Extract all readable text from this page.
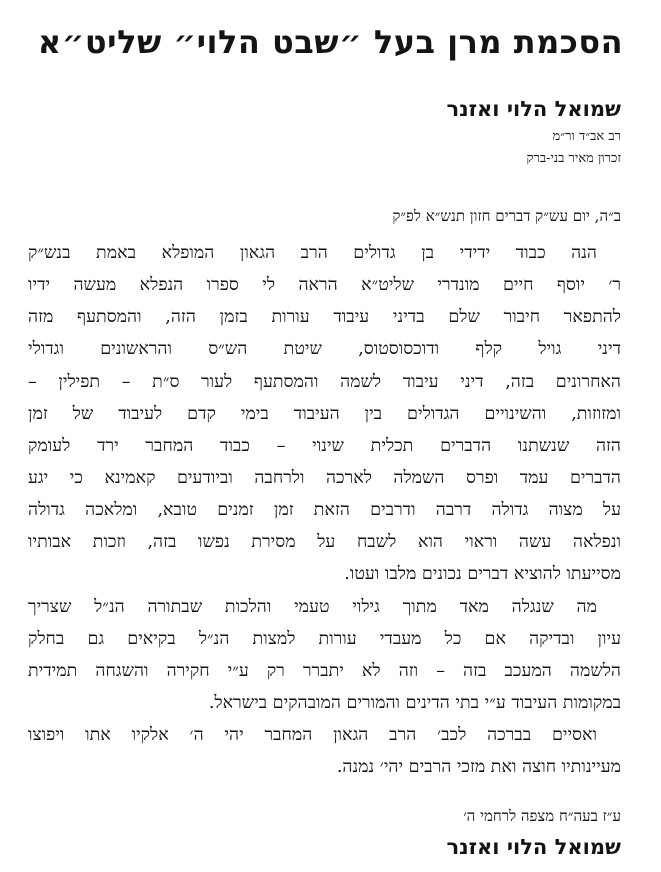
הסכמת מרן בעל ״שבט הלוי״ שליט״א
שמואל הלוי ואזנר
רב אב״ד ור״מ
זכרון מאיר בני-ברק
ב״ה, יום עש״ק דברים חזון תנש״א לפ״ק
הנה כבוד ידידי בן גדולים הרב הגאון המופלא באמת בנש״ק
ר׳ יוסף חיים מונדרי שליט״א הראה לי ספרו הנפלא מעשה ידיו
להתפאר חיבור שלם בדיני עיבוד עורות בזמן הזה, והמסתעף מזה
דיני גויל קלף ודוכסוסטוס, שיטת הש״ס והראשונים וגדולי
האחרונים בזה, דיני עיבוד לשמה והמסתעף לעור ס״ת – תפילין –
ומזוזות, והשינויים הגדולים בין העיבוד בימי קדם לעיבוד של זמן
הזה שנשתנו הדברים תכלית שינוי – כבוד המחבר ירד לעומק
הדברים עמד ופרס השמלה לארכה ולרחבה וביודעים קאמינא כי יגע
על מצוה גדולה דרבה ודרבים הזאת זמן זמנים טובא, ומלאכה גדולה
ונפלאה עשה וראוי הוא לשבח על מסירת נפשו בזה, וזכות אבותיו
מסייעתו להוציא דברים נכונים מלבו ועטו.
מה שנגלה מאד מתוך גילוי טעמי והלכות שבתורה הנ״ל שצריך
עיון ובדיקה אם כל מעבדי עורות למצות הנ״ל בקיאים גם בחלק
הלשמה המעכב בזה – וזה לא יתברר רק ע״י חקירה והשגחה תמידית
במקומות העיבוד ע״י בתי הדינים והמורים המובהקים בישראל.
ואסיים בברכה לכב׳ הרב הגאון המחבר יהי ה׳ אלקיו אתו ויפוצו
מעיינותיו חוצה ואת מזכי הרבים יהי׳ נמנה.
ע״ז בעה״ח מצפה לרחמי ה׳
שמואל הלוי ואזנר
